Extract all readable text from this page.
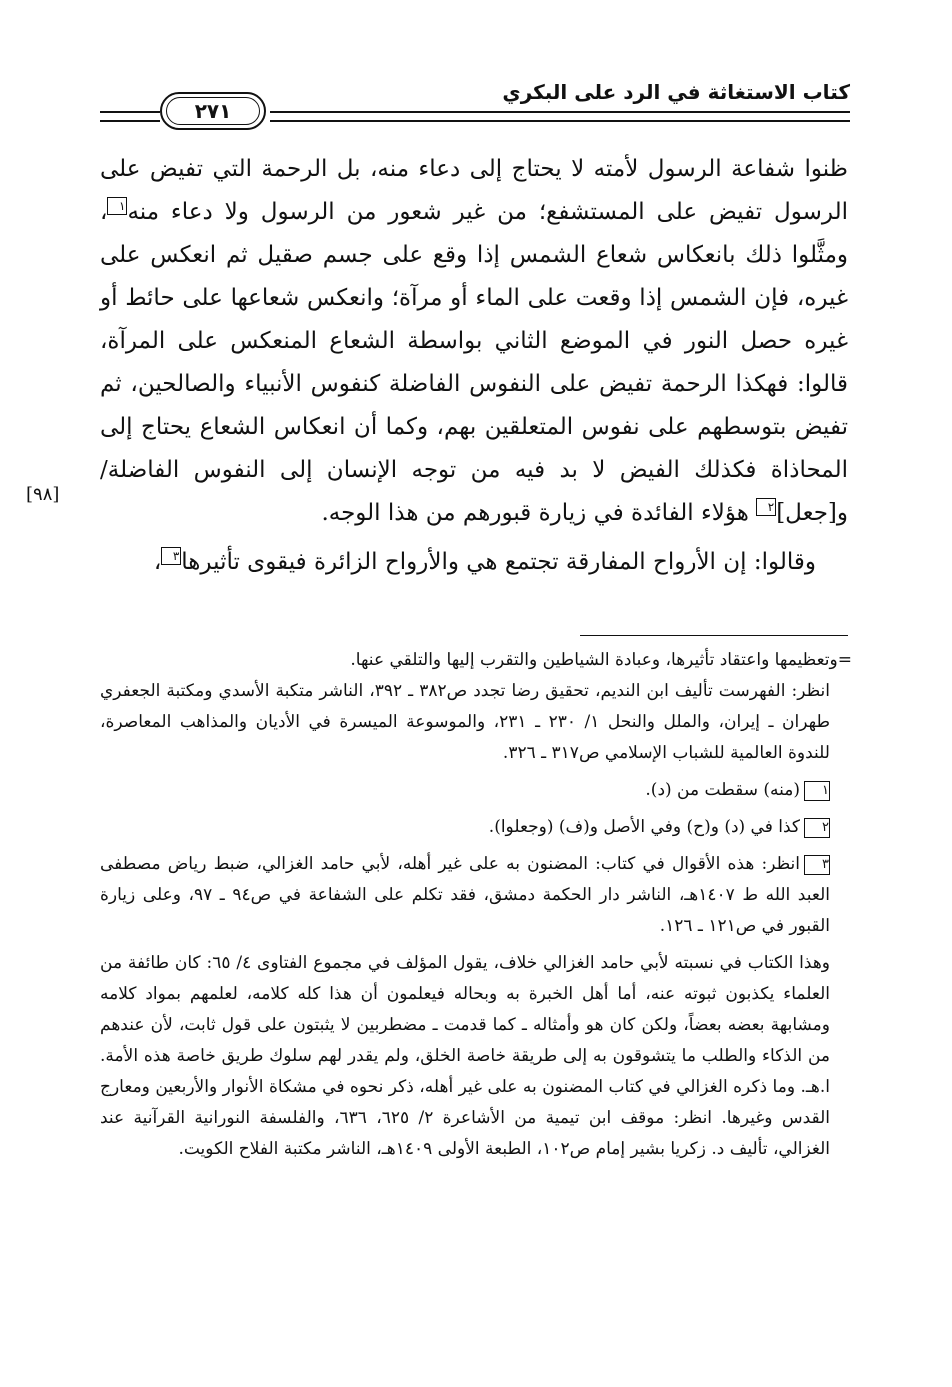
٢٧١
كتاب الاستغاثة في الرد على البكري

ظنوا شفاعة الرسول لأمته لا يحتاج إلى دعاء منه، بل الرحمة التي تفيض على الرسول تفيض على المستشفع؛ من غير شعور من الرسول ولا دعاء منه١، ومثَّلوا ذلك بانعكاس شعاع الشمس إذا وقع على جسم صقيل ثم انعكس على غيره، فإن الشمس إذا وقعت على الماء أو مرآة؛ وانعكس شعاعها على حائط أو غيره حصل النور في الموضع الثاني بواسطة الشعاع المنعكس على المرآة، قالوا: فهكذا الرحمة تفيض على النفوس الفاضلة كنفوس الأنبياء والصالحين، ثم تفيض بتوسطهم على نفوس المتعلقين بهم، وكما أن انعكاس الشعاع يحتاج إلى المحاذاة فكذلك الفيض لا بد فيه من توجه الإنسان إلى النفوس الفاضلة/ و[جعل]٢ هؤلاء الفائدة في زيارة قبورهم من هذا الوجه.

وقالوا: إن الأرواح المفارقة تجتمع هي والأرواح الزائرة فيقوى تأثيرها٣،

[٩٨]

=وتعظيمها واعتقاد تأثيرها، وعبادة الشياطين والتقرب إليها والتلقي عنها.

انظر: الفهرست تأليف ابن النديم، تحقيق رضا تجدد ص٣٨٢ ـ ٣٩٢، الناشر متكبة الأسدي ومكتبة الجعفري طهران ـ إيران، والملل والنحل ١/ ٢٣٠ ـ ٢٣١، والموسوعة الميسرة في الأديان والمذاهب المعاصرة، للندوة العالمية للشباب الإسلامي ص٣١٧ ـ ٣٢٦.

١(منه) سقطت من (د).

٢كذا في (د) و(ح) وفي الأصل و(ف) (وجعلوا).

٣انظر: هذه الأقوال في كتاب: المضنون به على غير أهله، لأبي حامد الغزالي، ضبط رياض مصطفى العبد الله ط ١٤٠٧هـ، الناشر دار الحكمة دمشق، فقد تكلم على الشفاعة في ص٩٤ ـ ٩٧، وعلى زيارة القبور في ص١٢١ ـ ١٢٦.

وهذا الكتاب في نسبته لأبي حامد الغزالي خلاف، يقول المؤلف في مجموع الفتاوى ٤/ ٦٥: كان طائفة من العلماء يكذبون ثبوته عنه، أما أهل الخبرة به وبحاله فيعلمون أن هذا كله كلامه، لعلمهم بمواد كلامه ومشابهة بعضه بعضاً، ولكن كان هو وأمثاله ـ كما قدمت ـ مضطربين لا يثبتون على قول ثابت، لأن عندهم من الذكاء والطلب ما يتشوقون به إلى طريقة خاصة الخلق، ولم يقدر لهم سلوك طريق خاصة هذه الأمة. ا.هـ. وما ذكره الغزالي في كتاب المضنون به على غير أهله، ذكر نحوه في مشكاة الأنوار والأربعين ومعارج القدس وغيرها. انظر: موقف ابن تيمية من الأشاعرة ٢/ ٦٢٥، ٦٣٦، والفلسفة النورانية القرآنية عند الغزالي، تأليف د. زكريا بشير إمام ص١٠٢، الطبعة الأولى ١٤٠٩هـ، الناشر مكتبة الفلاح الكويت.
